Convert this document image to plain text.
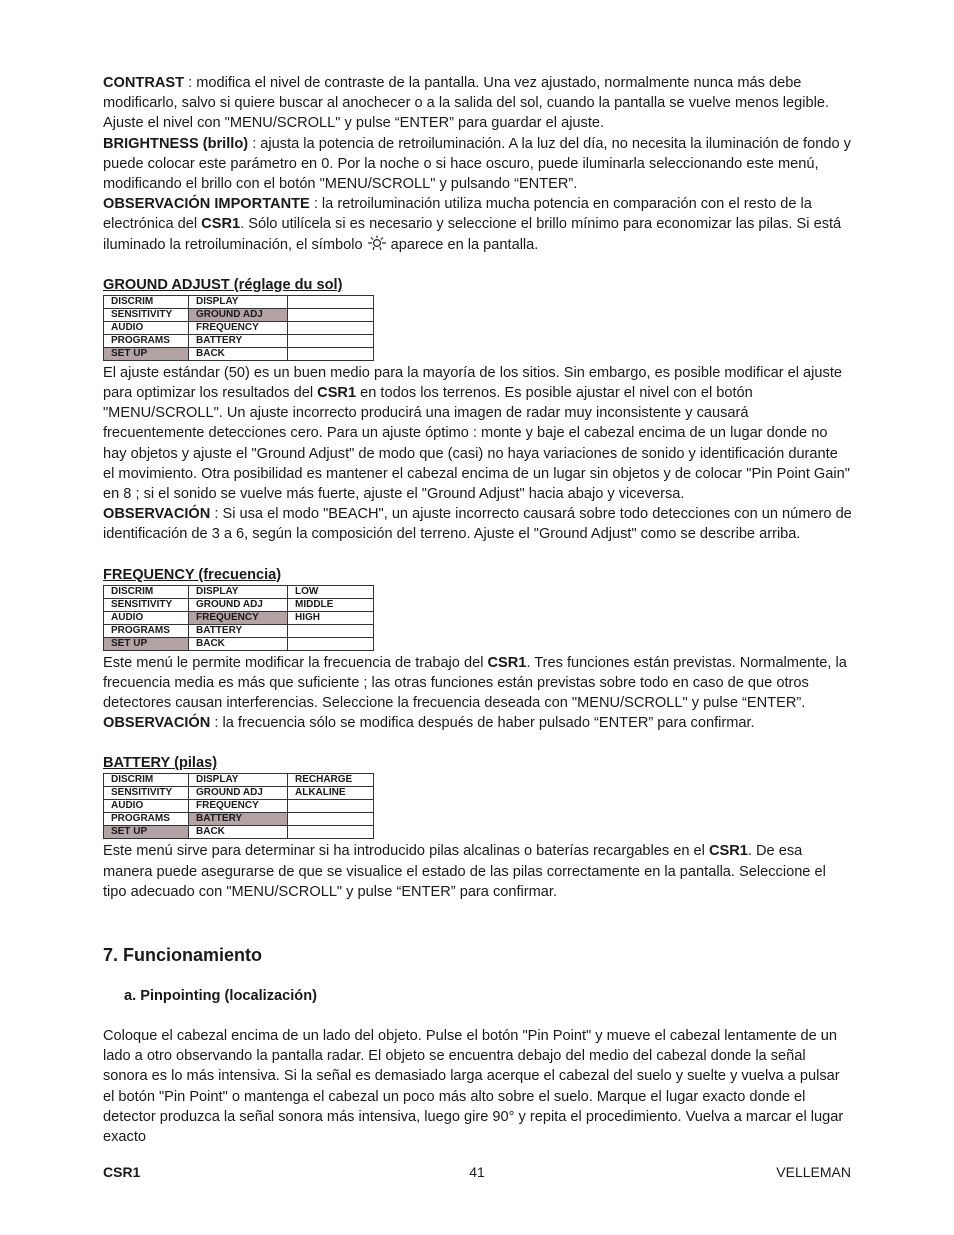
CONTRAST : modifica el nivel de contraste de la pantalla. Una vez ajustado, normalmente nunca más debe modificarlo, salvo si quiere buscar al anochecer o a la salida del sol, cuando la pantalla se vuelve menos legible. Ajuste el nivel con "MENU/SCROLL" y pulse “ENTER” para guardar el ajuste.

BRIGHTNESS (brillo) : ajusta la potencia de retroiluminación. A la luz del día, no necesita la iluminación de fondo y puede colocar este parámetro en 0. Por la noche o si hace oscuro, puede iluminarla seleccionando este menú, modificando el brillo con el botón "MENU/SCROLL" y pulsando “ENTER”.

OBSERVACIÓN IMPORTANTE : la retroiluminación utiliza mucha potencia en comparación con el resto de la electrónica del CSR1. Sólo utilícela si es necesario y seleccione el brillo mínimo para economizar las pilas. Si está iluminado la retroiluminación, el símbolo  aparece en la pantalla.

GROUND ADJUST (réglage du sol)

DISCRIM	DISPLAY	
SENSITIVITY	GROUND ADJ	
AUDIO	FREQUENCY	
PROGRAMS	BATTERY	
SET UP	BACK	

El ajuste estándar (50) es un buen medio para la mayoría de los sitios. Sin embargo, es posible modificar el ajuste para optimizar los resultados del CSR1 en todos los terrenos. Es posible ajustar el nivel con el botón "MENU/SCROLL". Un ajuste incorrecto producirá una imagen de radar muy inconsistente y causará frecuentemente detecciones cero. Para un ajuste óptimo : monte y baje el cabezal encima de un lugar donde no hay objetos y ajuste el "Ground Adjust" de modo que (casi) no haya variaciones de sonido y identificación durante el movimiento. Otra posibilidad es mantener el cabezal encima de un lugar sin objetos y de colocar "Pin Point Gain" en 8 ; si el sonido se vuelve más fuerte, ajuste el "Ground Adjust" hacia abajo y viceversa.

OBSERVACIÓN : Si usa el modo "BEACH", un ajuste incorrecto causará sobre todo detecciones con un número de identificación de 3 a 6, según la composición del terreno. Ajuste el "Ground Adjust" como se describe arriba.

FREQUENCY (frecuencia)

DISCRIM	DISPLAY	LOW
SENSITIVITY	GROUND ADJ	MIDDLE
AUDIO	FREQUENCY	HIGH
PROGRAMS	BATTERY	
SET UP	BACK	

Este menú le permite modificar la frecuencia de trabajo del CSR1. Tres funciones están previstas. Normalmente, la frecuencia media es más que suficiente ; las otras funciones están previstas sobre todo en caso de que otros detectores causan interferencias. Seleccione la frecuencia deseada con "MENU/SCROLL" y pulse “ENTER”.

OBSERVACIÓN : la frecuencia sólo se modifica después de haber pulsado “ENTER” para confirmar.

BATTERY (pilas)

DISCRIM	DISPLAY	RECHARGE
SENSITIVITY	GROUND ADJ	ALKALINE
AUDIO	FREQUENCY	
PROGRAMS	BATTERY	
SET UP	BACK	

Este menú sirve para determinar si ha introducido pilas alcalinas o baterías recargables en el CSR1. De esa manera puede asegurarse de que se visualice el estado de las pilas correctamente en la pantalla. Seleccione el tipo adecuado con "MENU/SCROLL" y pulse “ENTER” para confirmar.

7. Funcionamiento

a. Pinpointing (localización)

Coloque el cabezal encima de un lado del objeto. Pulse el botón "Pin Point" y mueve el cabezal lentamente de un lado a otro observando la pantalla radar. El objeto se encuentra debajo del medio del cabezal donde la señal sonora es lo más intensiva. Si la señal es demasiado larga acerque el cabezal del suelo y suelte y vuelva a pulsar el botón "Pin Point" o mantenga el cabezal un poco más alto sobre el suelo. Marque el lugar exacto donde el detector produzca la señal sonora más intensiva, luego gire 90° y repita el procedimiento. Vuelva a marcar el lugar exacto

CSR1	41	VELLEMAN
